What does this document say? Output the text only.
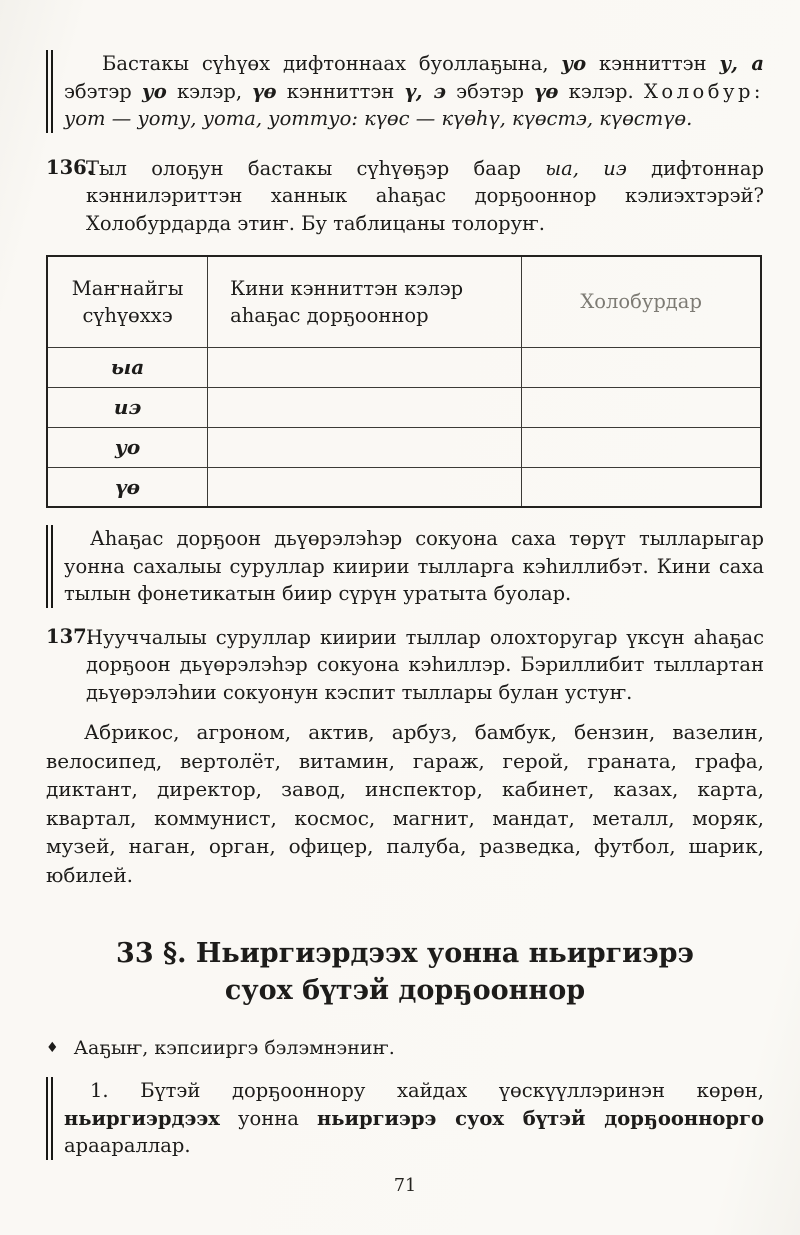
Бастакы сүһүөх дифтоннаах буоллаҕына, уо кэнниттэн у, а эбэтэр уо кэлэр, үө кэнниттэн ү, э эбэтэр үө кэлэр. Холобур: уот — уоту, уота, уоттуо: күөс — күөһү, күөстэ, күөстүө.

136.

Тыл олоҕун бастакы сүһүөҕэр баар ыа, иэ дифтоннар кэннилэриттэн ханнык аһаҕас дорҕооннор кэлиэхтэрэй? Холобурдарда этиҥ. Бу таблицаны толоруҥ.

Маҥнайгы сүһүөххэ	Кини кэнниттэн кэлэр аһаҕас дорҕооннор	Холобурдар
ыа		
иэ		
уо		
үө		

Аһаҕас дорҕоон дьүөрэлэһэр сокуона саха төрүт тылларыгар уонна сахалыы суруллар киирии тылларга кэһиллибэт. Кини саха тылын фонетикатын биир сүрүн уратыта буолар.

137.

Нууччалыы суруллар киирии тыллар олохторугар үксүн аһаҕас дорҕоон дьүөрэлэһэр сокуона кэһиллэр. Бэриллибит тыллартан дьүөрэлэһии сокуонун кэспит тыллары булан устуҥ.

Абрикос, агроном, актив, арбуз, бамбук, бензин, вазелин, велосипед, вертолёт, витамин, гараж, герой, граната, графа, диктант, директор, завод, инспектор, кабинет, казах, карта, квартал, коммунист, космос, магнит, мандат, металл, моряк, музей, наган, орган, офицер, палуба, разведка, футбол, шарик, юбилей.

33 §. Ньиргиэрдээх уонна ньиргиэрэ суох бүтэй дорҕооннор

♦ Ааҕыҥ, кэпсииргэ бэлэмнэниҥ.

1. Бүтэй дорҕооннору хайдах үөскүүллэринэн көрөн, ньиргиэрдээх уонна ньиргиэрэ суох бүтэй дорҕооннорго араараллар.

71
